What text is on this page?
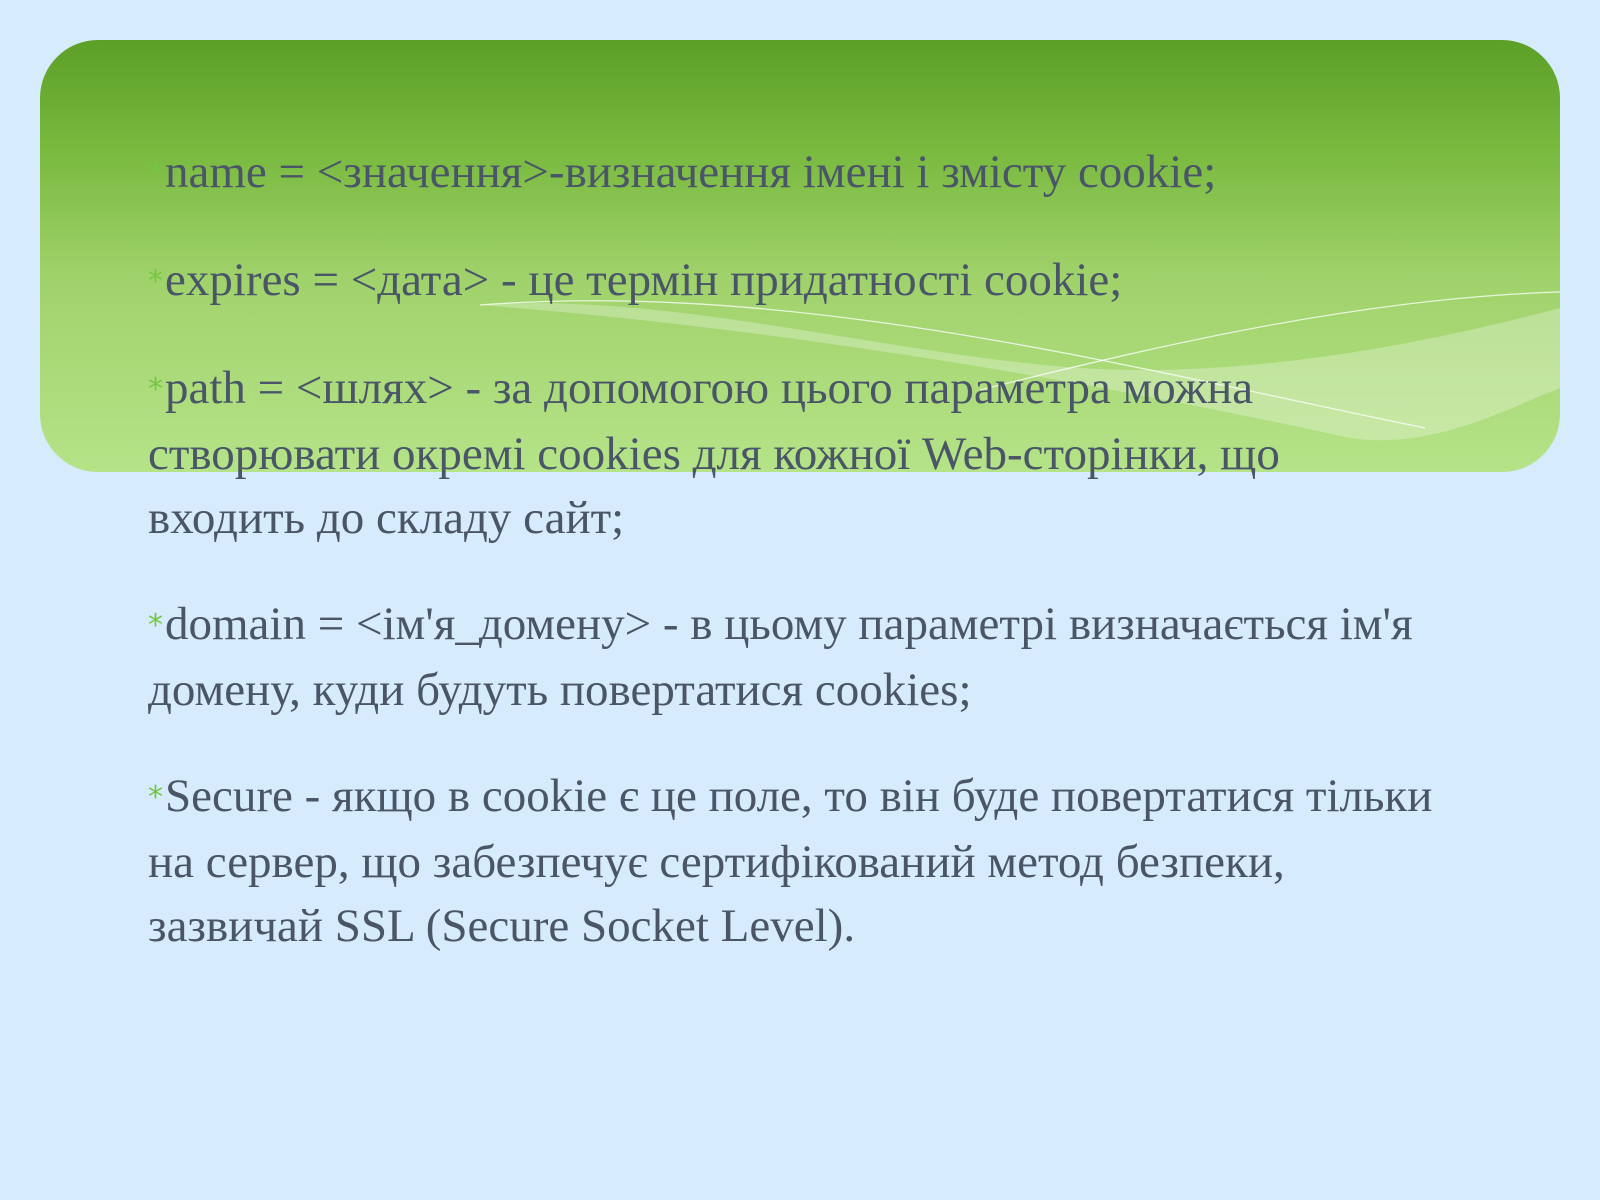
*name = <значення>-визначення імені і змісту cookie;
*expires = <дата> - це термін придатності cookie;
*path = <шлях> - за допомогою цього параметра можна створювати окремі cookies для кожної Web-сторінки, що входить до складу сайт;
*domain = <ім'я_домену> - в цьому параметрі визначається ім'я домену, куди будуть повертатися cookies;
*Secure - якщо в cookie є це поле, то він буде повертатися тільки на сервер, що забезпечує сертифікований метод безпеки, зазвичай SSL (Secure Socket Level).
